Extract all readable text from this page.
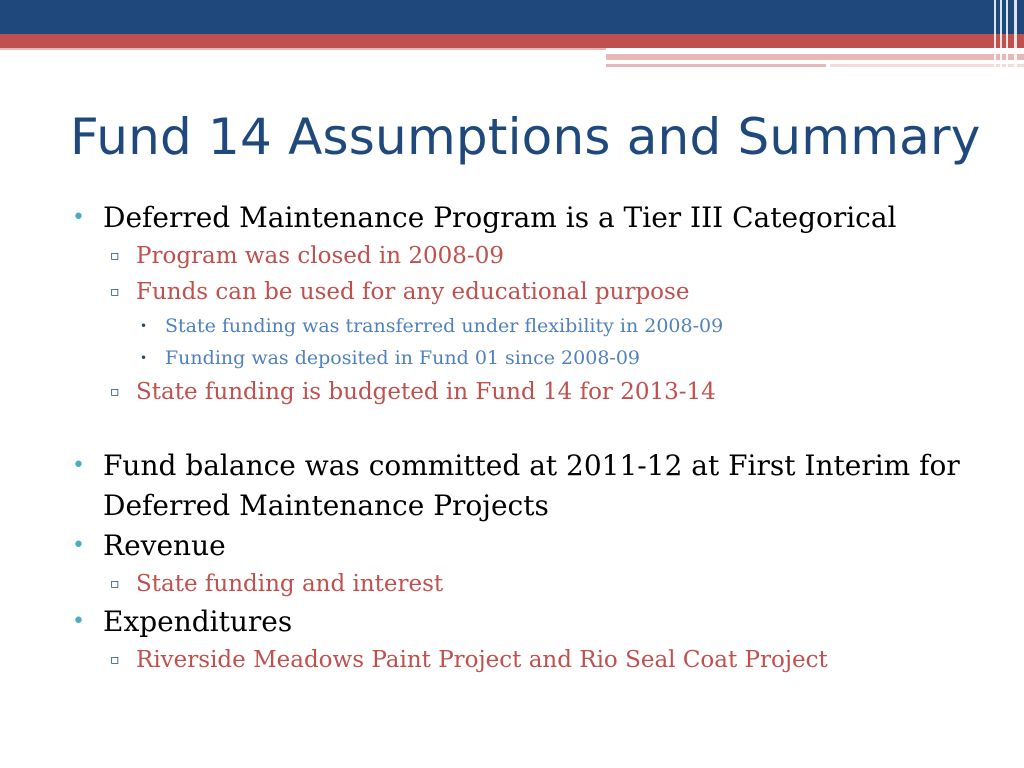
Fund 14 Assumptions and Summary
• Deferred Maintenance Program is a Tier III Categorical
▫ Program was closed in 2008-09
▫ Funds can be used for any educational purpose
• State funding was transferred under flexibility in 2008-09
• Funding was deposited in Fund 01 since 2008-09
▫ State funding is budgeted in Fund 14 for 2013-14
• Fund balance was committed at 2011-12 at First Interim for Deferred Maintenance Projects
• Revenue
▫ State funding and interest
• Expenditures
▫ Riverside Meadows Paint Project and Rio Seal Coat Project
